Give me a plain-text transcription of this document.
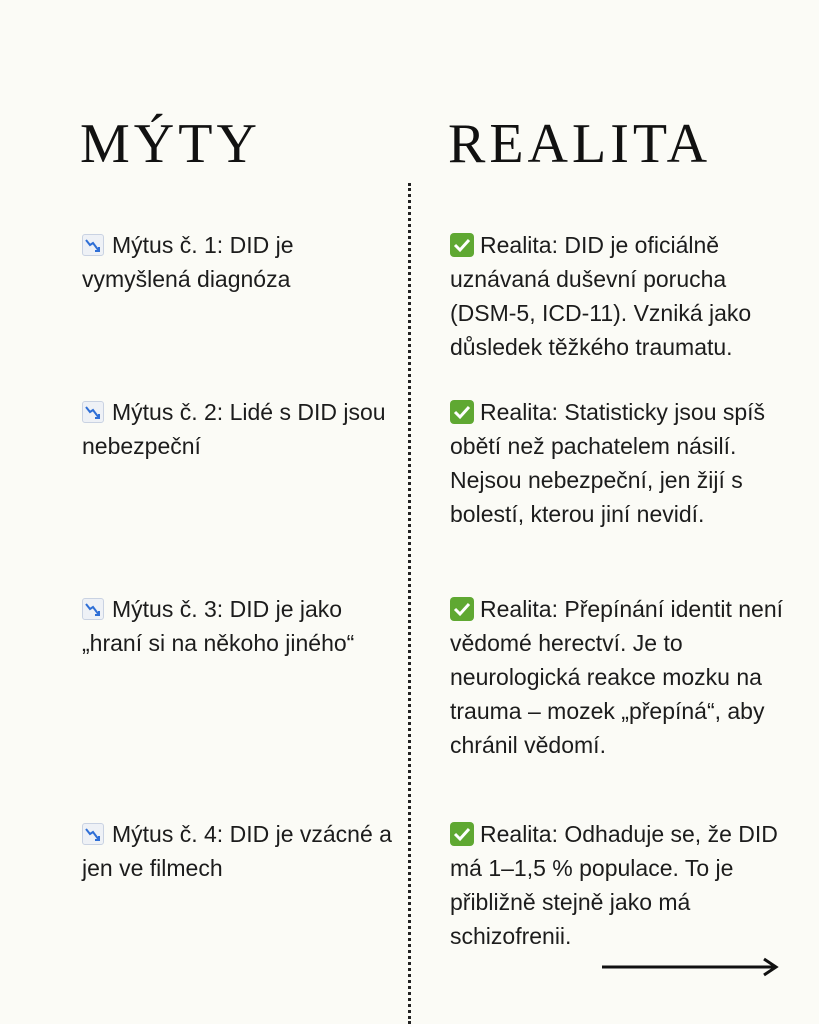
MÝTY	REALITA
Mýtus č. 1: DID je vymyšlená diagnóza
Realita: DID je oficiálně uznávaná duševní porucha (DSM-5, ICD-11). Vzniká jako důsledek těžkého traumatu.
Mýtus č. 2: Lidé s DID jsou nebezpeční
Realita: Statisticky jsou spíš obětí než pachatelem násilí. Nejsou nebezpeční, jen žijí s bolestí, kterou jiní nevidí.
Mýtus č. 3: DID je jako „hraní si na někoho jiného“
Realita: Přepínání identit není vědomé herectví. Je to neurologická reakce mozku na trauma – mozek „přepíná“, aby chránil vědomí.
Mýtus č. 4: DID je vzácné a jen ve filmech
Realita: Odhaduje se, že DID má 1–1,5 % populace. To je přibližně stejně jako má schizofrenii.
